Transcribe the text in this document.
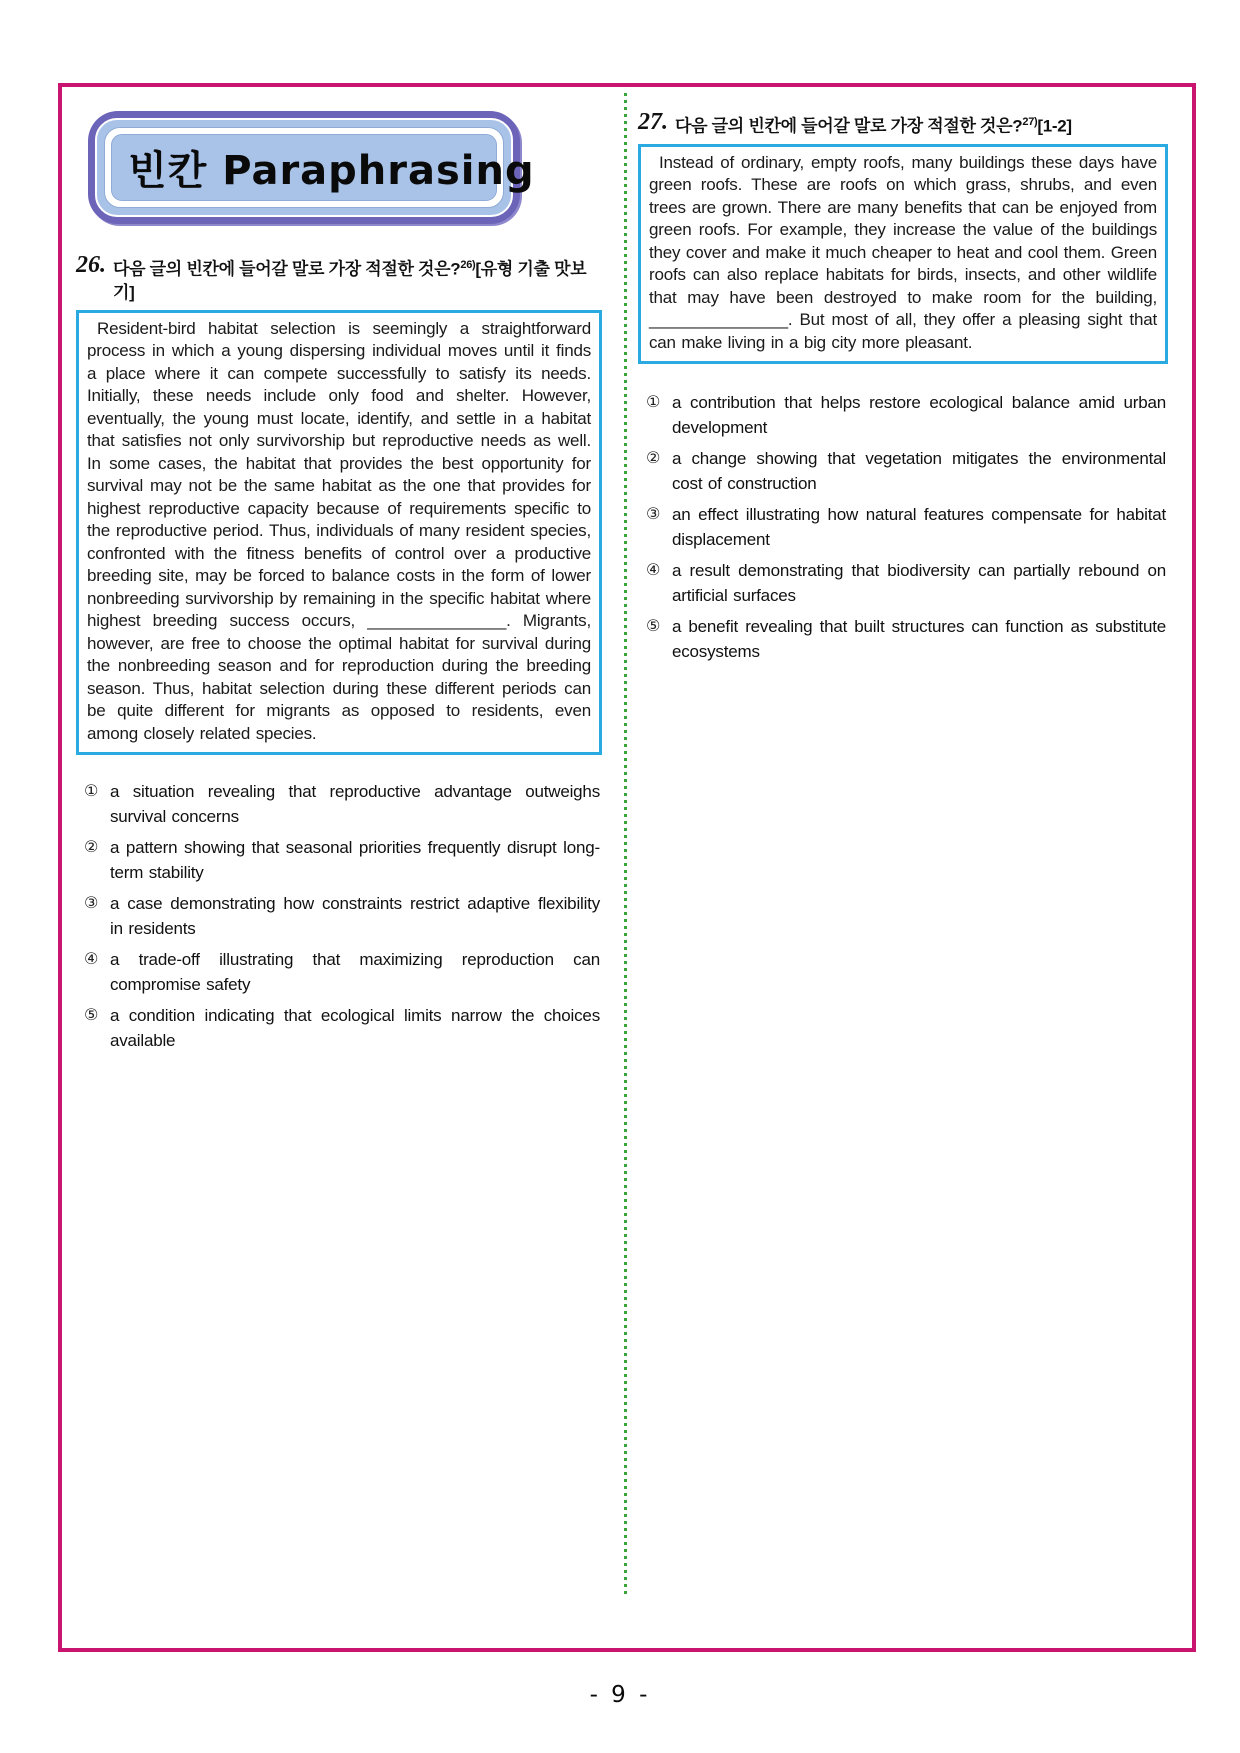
빈칸 Paraphrasing
26. 다음 글의 빈칸에 들어갈 말로 가장 적절한 것은?$^{26)}$[유형 기출 맛보기]

Resident-bird habitat selection is seemingly a straightforward process in which a young dispersing individual moves until it finds a place where it can compete successfully to satisfy its needs. Initially, these needs include only food and shelter. However, eventually, the young must locate, identify, and settle in a habitat that satisfies not only survivorship but reproductive needs as well. In some cases, the habitat that provides the best opportunity for survival may not be the same habitat as the one that provides for highest reproductive capacity because of requirements specific to the reproductive period. Thus, individuals of many resident species, confronted with the fitness benefits of control over a productive breeding site, may be forced to balance costs in the form of lower nonbreeding survivorship by remaining in the specific habitat where highest breeding success occurs, _______________. Migrants, however, are free to choose the optimal habitat for survival during the nonbreeding season and for reproduction during the breeding season. Thus, habitat selection during these different periods can be quite different for migrants as opposed to residents, even among closely related species.

① a situation revealing that reproductive advantage outweighs survival concerns
② a pattern showing that seasonal priorities frequently disrupt long-term stability
③ a case demonstrating how constraints restrict adaptive flexibility in residents
④ a trade-off illustrating that maximizing reproduction can compromise safety
⑤ a condition indicating that ecological limits narrow the choices available
27. 다음 글의 빈칸에 들어갈 말로 가장 적절한 것은?$^{27)}$[1-2]

Instead of ordinary, empty roofs, many buildings these days have green roofs. These are roofs on which grass, shrubs, and even trees are grown. There are many benefits that can be enjoyed from green roofs. For example, they increase the value of the buildings they cover and make it much cheaper to heat and cool them. Green roofs can also replace habitats for birds, insects, and other wildlife that may have been destroyed to make room for the building, _______________. But most of all, they offer a pleasing sight that can make living in a big city more pleasant.

① a contribution that helps restore ecological balance amid urban development
② a change showing that vegetation mitigates the environmental cost of construction
③ an effect illustrating how natural features compensate for habitat displacement
④ a result demonstrating that biodiversity can partially rebound on artificial surfaces
⑤ a benefit revealing that built structures can function as substitute ecosystems
- 9 -
